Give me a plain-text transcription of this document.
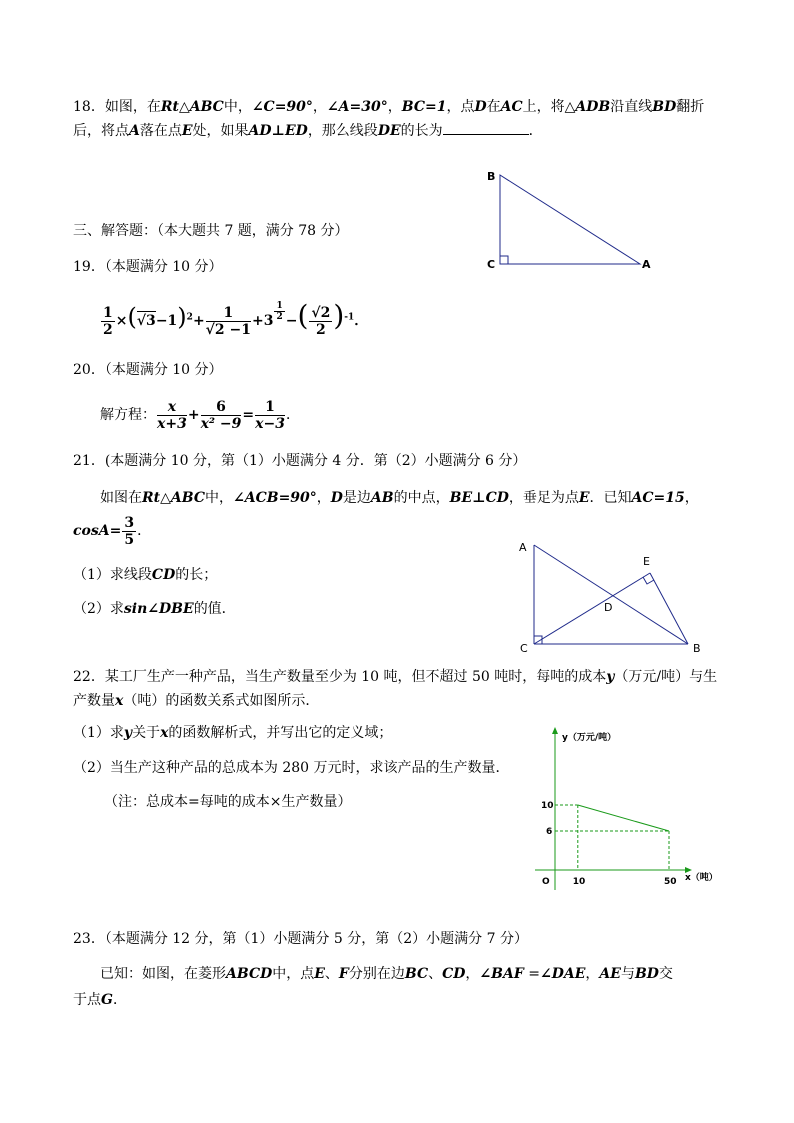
18．如图，在Rt△ABC中，∠C=90°，∠A=30°，BC=1，点D在AC上，将△ADB沿直线BD翻折
后，将点A落在点E处，如果AD⊥ED，那么线段DE的长为	．
B
C	A
三、解答题：（本大题共 7 题，满分 78 分）
19．（本题满分 10 分）
$\frac{1}{2} \times(√3-1)^2+ \frac{1}{√2 -1} +3 \frac{1}{2}$ −( $\frac{√2}{2} )^{-1}$．
20．（本题满分 10 分）
解方程： $\frac{x}{x+3} + \frac{6}{\text{x² −9}} = \frac{1}{x-3}$ ．
21．(本题满分 10 分，第（1）小题满分 4 分．第（2）小题满分 6 分）
如图在Rt△ABC中，∠ACB=90°，D是边AB的中点，BE⊥CD，垂足为点E．已知AC=15，
$\cos A= \frac{3}{5}$ ．
（1）求线段CD的长；
（2）求sin∠DBE的值．
A
E
D
C	B
22．某工厂生产一种产品，当生产数量至少为 10 吨，但不超过 50 吨时，每吨的成本y（万元/吨）与生
产数量x（吨）的函数关系式如图所示．
（1）求y关于x的函数解析式，并写出它的定义域；
（2）当生产这种产品的总成本为 280 万元时，求该产品的生产数量．
（注：总成本=每吨的成本×生产数量）	10
6
10	50
O
y（万元/吨）
x（吨）
23．（本题满分 12 分，第（1）小题满分 5 分，第（2）小题满分 7 分）
已知：如图，在菱形ABCD中，点E、F分别在边BC、CD，∠BAF =∠DAE，AE与BD交
于点G．
